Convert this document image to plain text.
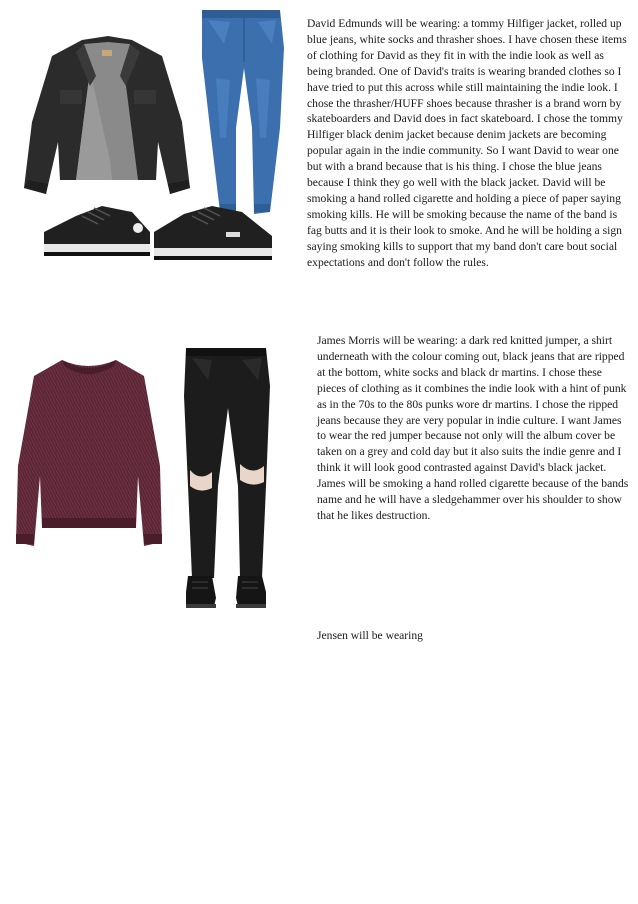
David Edmunds will be wearing: a tommy Hilfiger jacket, rolled up blue jeans, white socks and thrasher shoes. I have chosen these items of clothing for David as they fit in with the indie look as well as being branded. One of David's traits is wearing branded clothes so I have tried to put this across while still maintaining the indie look. I chose the thrasher/HUFF shoes because thrasher is a brand worn by skateboarders and David does in fact skateboard. I chose the tommy Hilfiger black denim jacket because denim jackets are becoming popular again in the indie community. So I want David to wear one but with a brand because that is his thing. I chose the blue jeans because I think they go well with the black jacket. David will be smoking a hand rolled cigarette and holding a piece of paper saying smoking kills. He will be smoking because the name of the band is fag butts and it is their look to smoke. And he will be holding a sign saying smoking kills to support that my band don't care bout social expectations and don't follow the rules.

James Morris will be wearing: a dark red knitted jumper, a shirt underneath with the colour coming out, black jeans that are ripped at the bottom, white socks and black dr martins. I chose these pieces of clothing as it combines the indie look with a hint of punk as in the 70s to the 80s punks wore dr martins. I chose the ripped jeans because they are very popular in indie culture. I want James to wear the red jumper because not only will the album cover be taken on a grey and cold day but it also suits the indie genre and I think it will look good contrasted against David's black jacket. James will be smoking a hand rolled cigarette because of the bands name and he will have a sledgehammer over his shoulder to show that he likes destruction.

Jensen will be wearing
